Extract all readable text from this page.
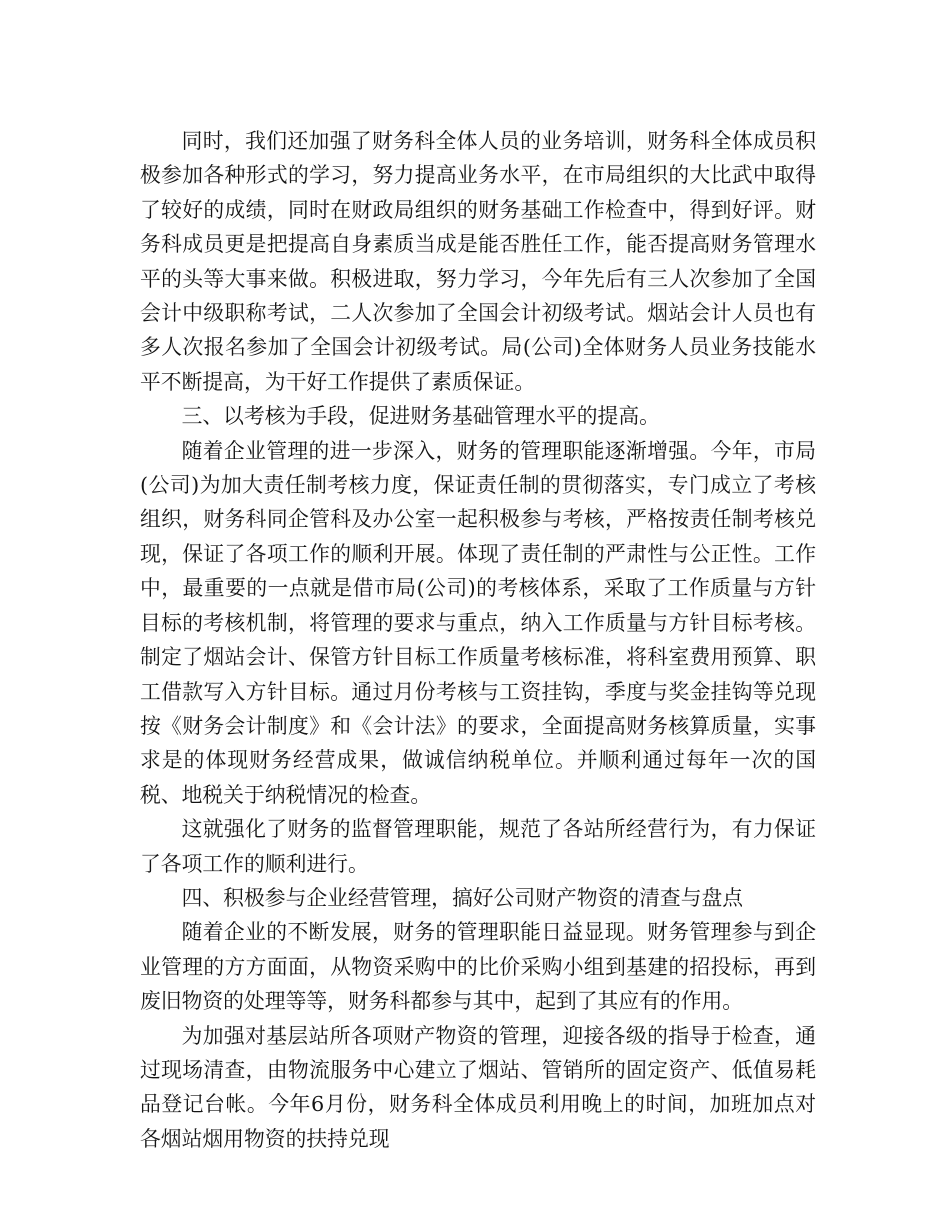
同时，我们还加强了财务科全体人员的业务培训，财务科全体成员积极参加各种形式的学习，努力提高业务水平，在市局组织的大比武中取得了较好的成绩，同时在财政局组织的财务基础工作检查中，得到好评。财务科成员更是把提高自身素质当成是能否胜任工作，能否提高财务管理水平的头等大事来做。积极进取，努力学习，今年先后有三人次参加了全国会计中级职称考试，二人次参加了全国会计初级考试。烟站会计人员也有多人次报名参加了全国会计初级考试。局(公司)全体财务人员业务技能水平不断提高，为干好工作提供了素质保证。

三、以考核为手段，促进财务基础管理水平的提高。

随着企业管理的进一步深入，财务的管理职能逐渐增强。今年，市局(公司)为加大责任制考核力度，保证责任制的贯彻落实，专门成立了考核组织，财务科同企管科及办公室一起积极参与考核，严格按责任制考核兑现，保证了各项工作的顺利开展。体现了责任制的严肃性与公正性。工作中，最重要的一点就是借市局(公司)的考核体系，采取了工作质量与方针目标的考核机制，将管理的要求与重点，纳入工作质量与方针目标考核。制定了烟站会计、保管方针目标工作质量考核标准，将科室费用预算、职工借款写入方针目标。通过月份考核与工资挂钩，季度与奖金挂钩等兑现按《财务会计制度》和《会计法》的要求，全面提高财务核算质量，实事求是的体现财务经营成果，做诚信纳税单位。并顺利通过每年一次的国税、地税关于纳税情况的检查。

这就强化了财务的监督管理职能，规范了各站所经营行为，有力保证了各项工作的顺利进行。

四、积极参与企业经营管理，搞好公司财产物资的清查与盘点

随着企业的不断发展，财务的管理职能日益显现。财务管理参与到企业管理的方方面面，从物资采购中的比价采购小组到基建的招投标，再到废旧物资的处理等等，财务科都参与其中，起到了其应有的作用。

为加强对基层站所各项财产物资的管理，迎接各级的指导于检查，通过现场清查，由物流服务中心建立了烟站、管销所的固定资产、低值易耗品登记台帐。今年6月份，财务科全体成员利用晚上的时间，加班加点对各烟站烟用物资的扶持兑现
